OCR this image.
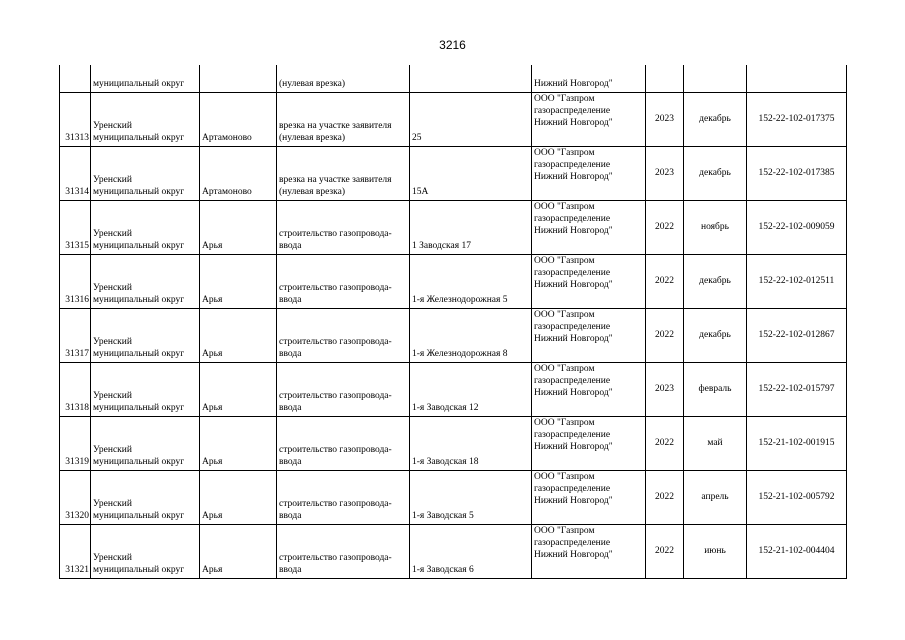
3216
	муниципальный округ		(нулевая врезка)		Нижний Новгород"			
31313	Уренский
муниципальный округ	Артамоново	врезка на участке заявителя
(нулевая врезка)	25	ООО "Газпром
газораспределение
Нижний Новгород"	2023	декабрь	152-22-102-017375
31314	Уренский
муниципальный округ	Артамоново	врезка на участке заявителя
(нулевая врезка)	15А	ООО "Газпром
газораспределение
Нижний Новгород"	2023	декабрь	152-22-102-017385
31315	Уренский
муниципальный округ	Арья	строительство газопровода-
ввода	1 Заводская 17	ООО "Газпром
газораспределение
Нижний Новгород"	2022	ноябрь	152-22-102-009059
31316	Уренский
муниципальный округ	Арья	строительство газопровода-
ввода	1-я Железнодорожная 5	ООО "Газпром
газораспределение
Нижний Новгород"	2022	декабрь	152-22-102-012511
31317	Уренский
муниципальный округ	Арья	строительство газопровода-
ввода	1-я Железнодорожная 8	ООО "Газпром
газораспределение
Нижний Новгород"	2022	декабрь	152-22-102-012867
31318	Уренский
муниципальный округ	Арья	строительство газопровода-
ввода	1-я Заводская 12	ООО "Газпром
газораспределение
Нижний Новгород"	2023	февраль	152-22-102-015797
31319	Уренский
муниципальный округ	Арья	строительство газопровода-
ввода	1-я Заводская 18	ООО "Газпром
газораспределение
Нижний Новгород"	2022	май	152-21-102-001915
31320	Уренский
муниципальный округ	Арья	строительство газопровода-
ввода	1-я Заводская 5	ООО "Газпром
газораспределение
Нижний Новгород"	2022	апрель	152-21-102-005792
31321	Уренский
муниципальный округ	Арья	строительство газопровода-
ввода	1-я Заводская 6	ООО "Газпром
газораспределение
Нижний Новгород"	2022	июнь	152-21-102-004404
